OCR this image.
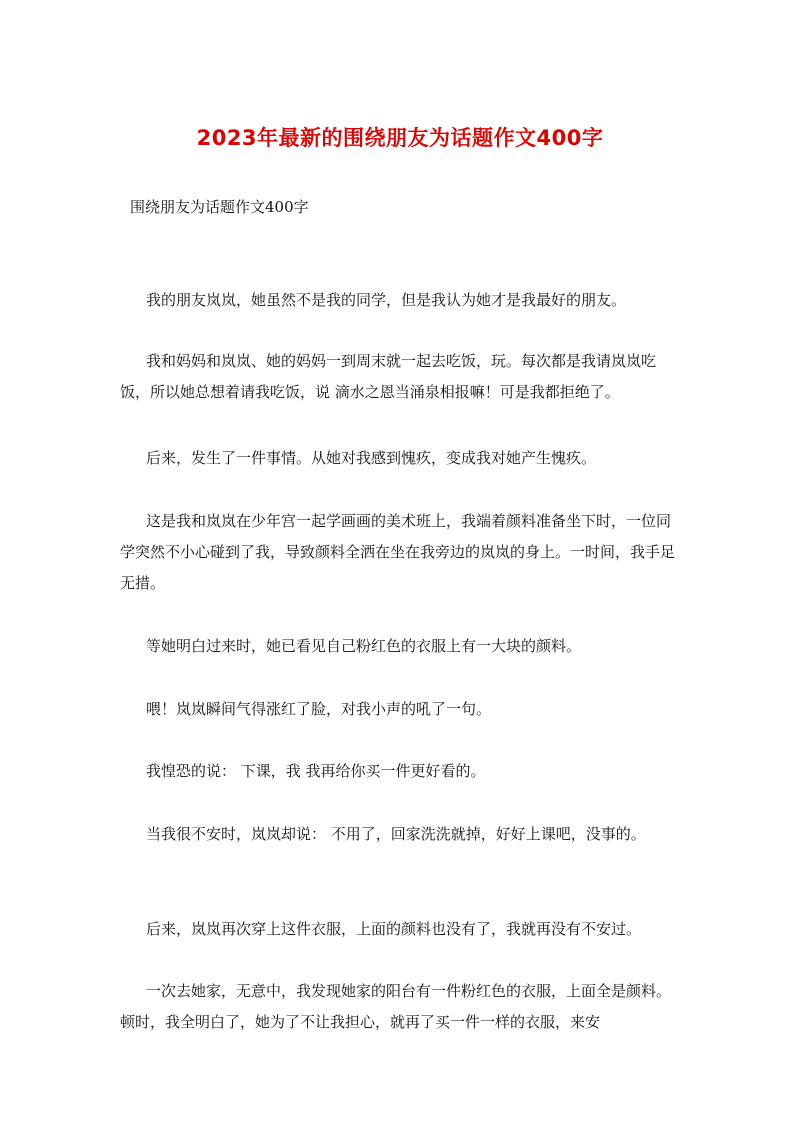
2023年最新的围绕朋友为话题作文400字
围绕朋友为话题作文400字

我的朋友岚岚，她虽然不是我的同学，但是我认为她才是我最好的朋友。

我和妈妈和岚岚、她的妈妈一到周末就一起去吃饭，玩。每次都是我请岚岚吃饭，所以她总想着请我吃饭，说 滴水之恩当涌泉相报嘛！可是我都拒绝了。

后来，发生了一件事情。从她对我感到愧疚，变成我对她产生愧疚。

这是我和岚岚在少年宫一起学画画的美术班上，我端着颜料准备坐下时，一位同学突然不小心碰到了我，导致颜料全洒在坐在我旁边的岚岚的身上。一时间，我手足无措。

等她明白过来时，她已看见自己粉红色的衣服上有一大块的颜料。

喂！岚岚瞬间气得涨红了脸，对我小声的吼了一句。

我惶恐的说： 下课，我 我再给你买一件更好看的。

当我很不安时，岚岚却说： 不用了，回家洗洗就掉，好好上课吧，没事的。

后来，岚岚再次穿上这件衣服，上面的颜料也没有了，我就再没有不安过。

一次去她家，无意中，我发现她家的阳台有一件粉红色的衣服，上面全是颜料。顿时，我全明白了，她为了不让我担心，就再了买一件一样的衣服，来安
